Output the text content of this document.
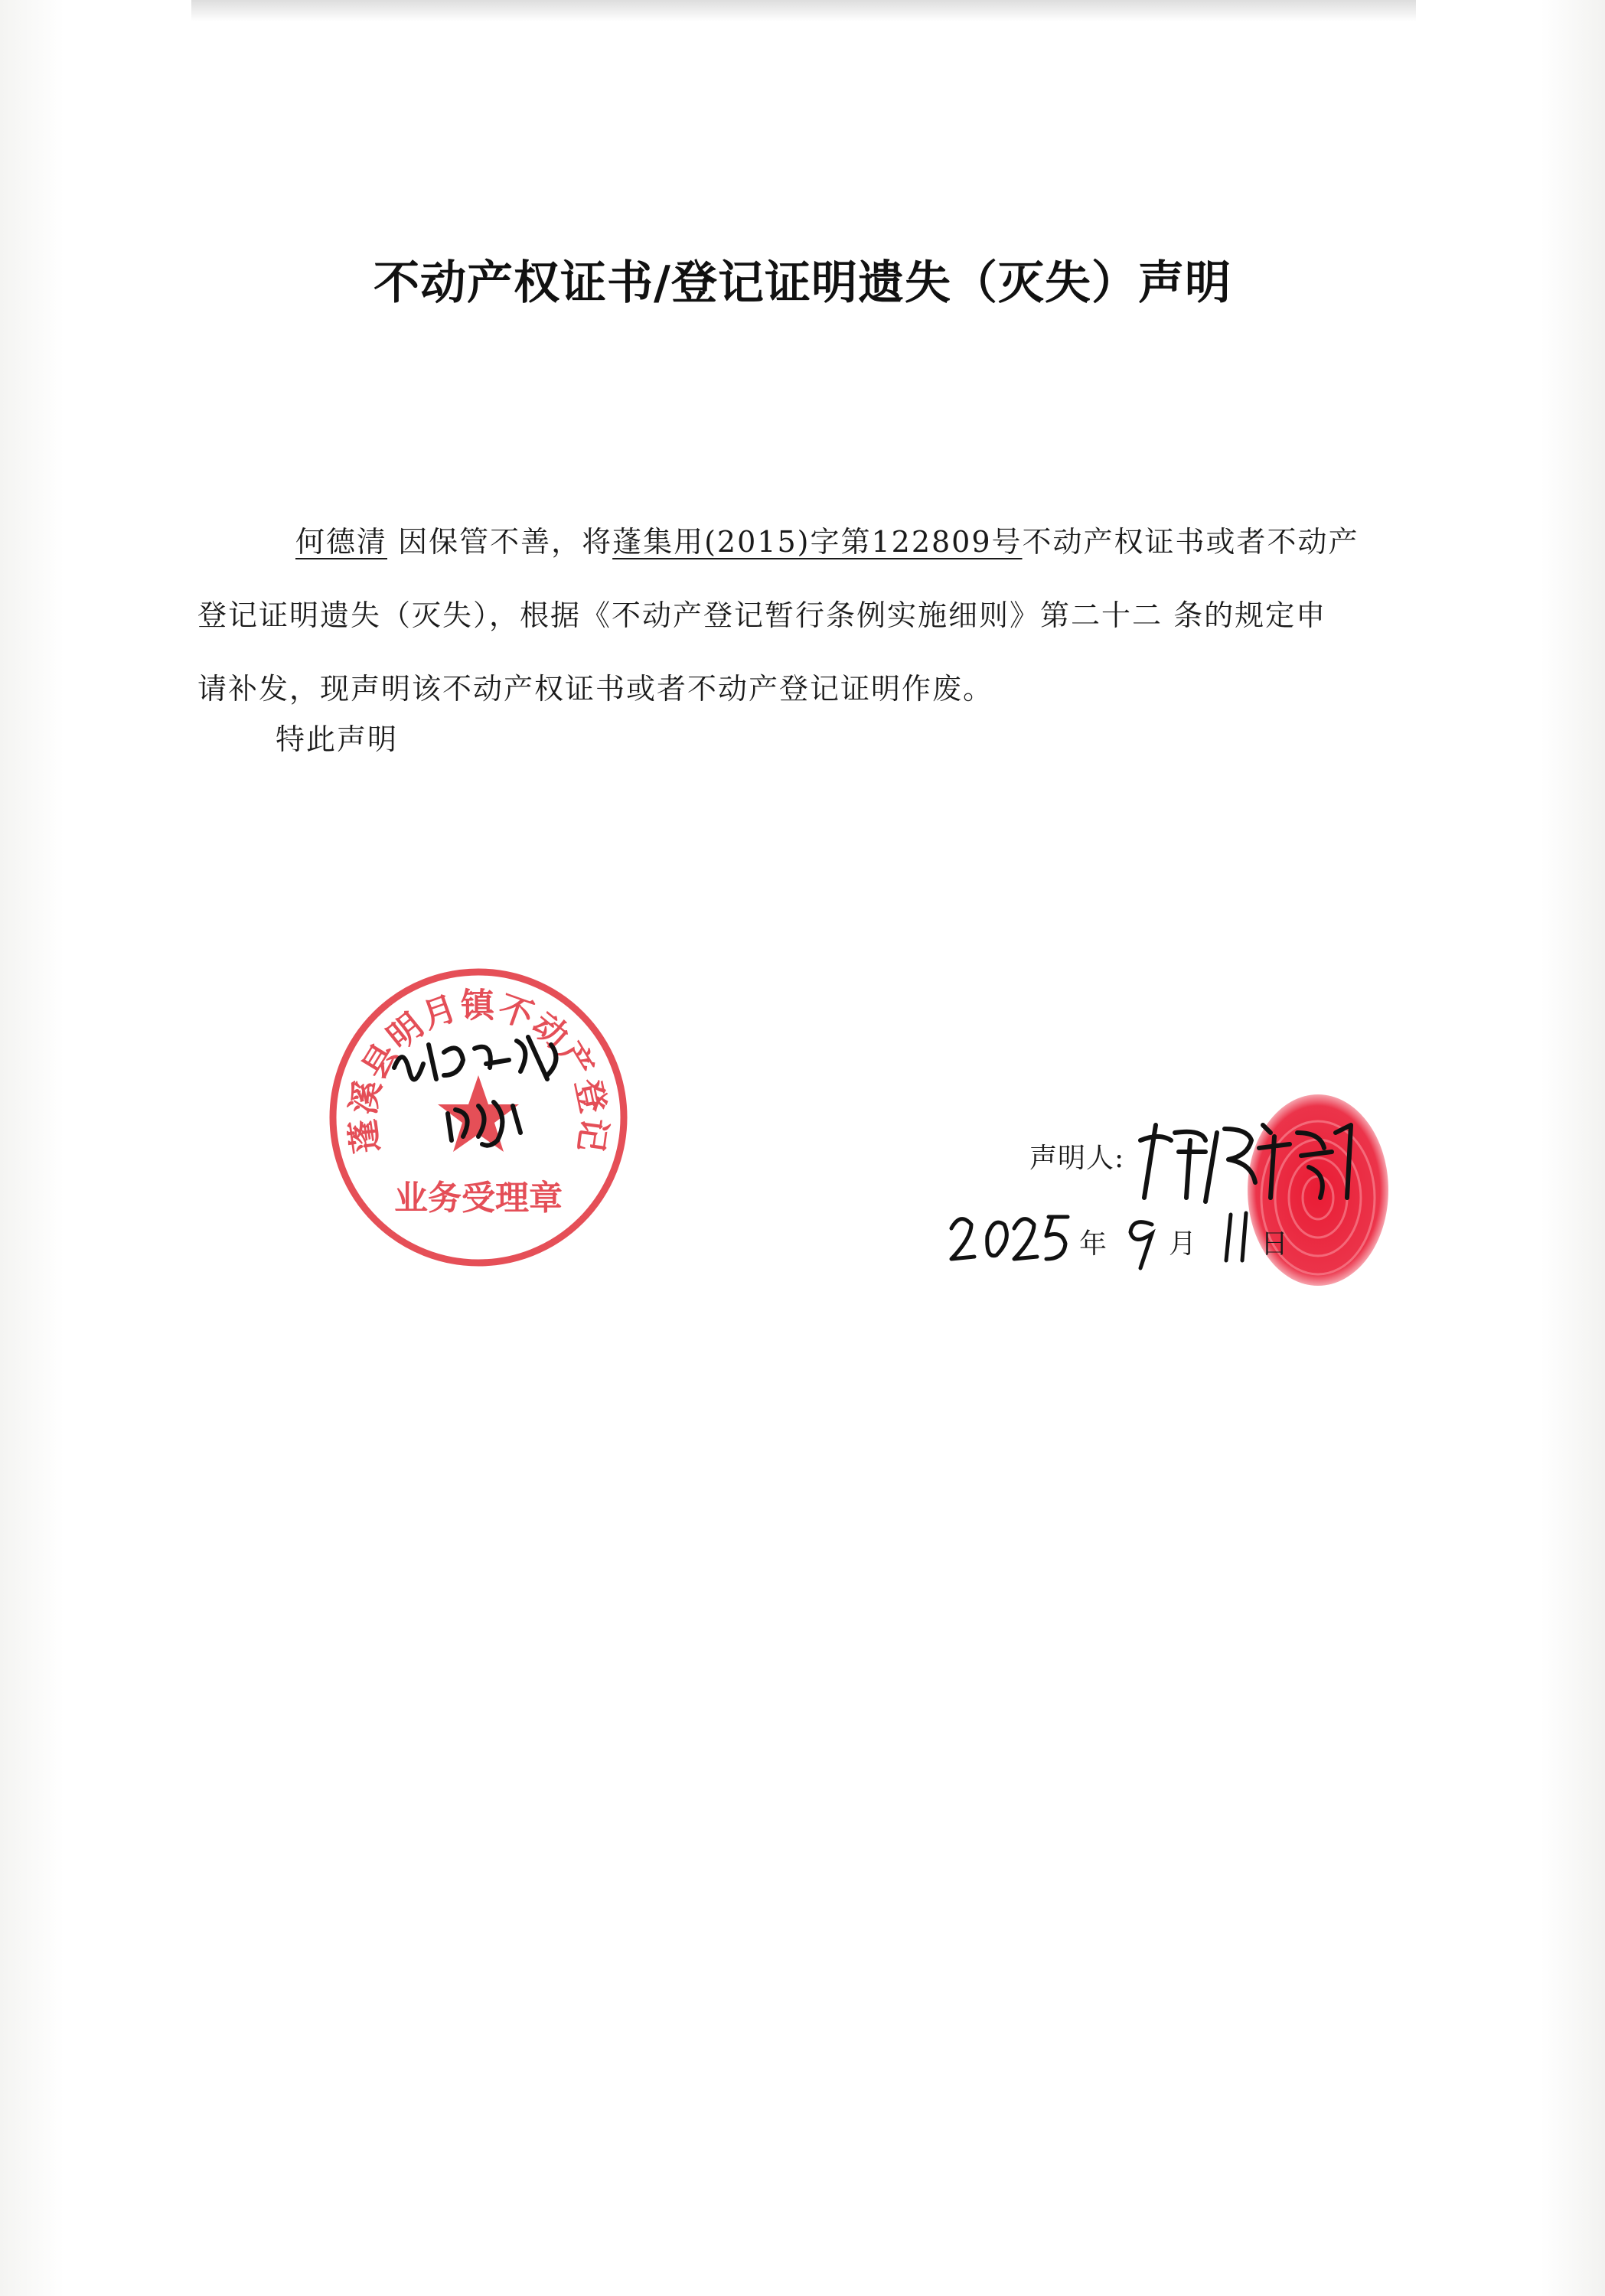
不动产权证书/登记证明遗失（灭失）声明
何德清 因保管不善，将蓬集用(2015)字第122809号不动产权证书或者不动产
登记证明遗失（灭失），根据《不动产登记暂行条例实施细则》第二十二 条的规定申
请补发，现声明该不动产权证书或者不动产登记证明作废。
特此声明
蓬溪县明月镇不动产登记
业务受理章
声明人:
年 月 日
